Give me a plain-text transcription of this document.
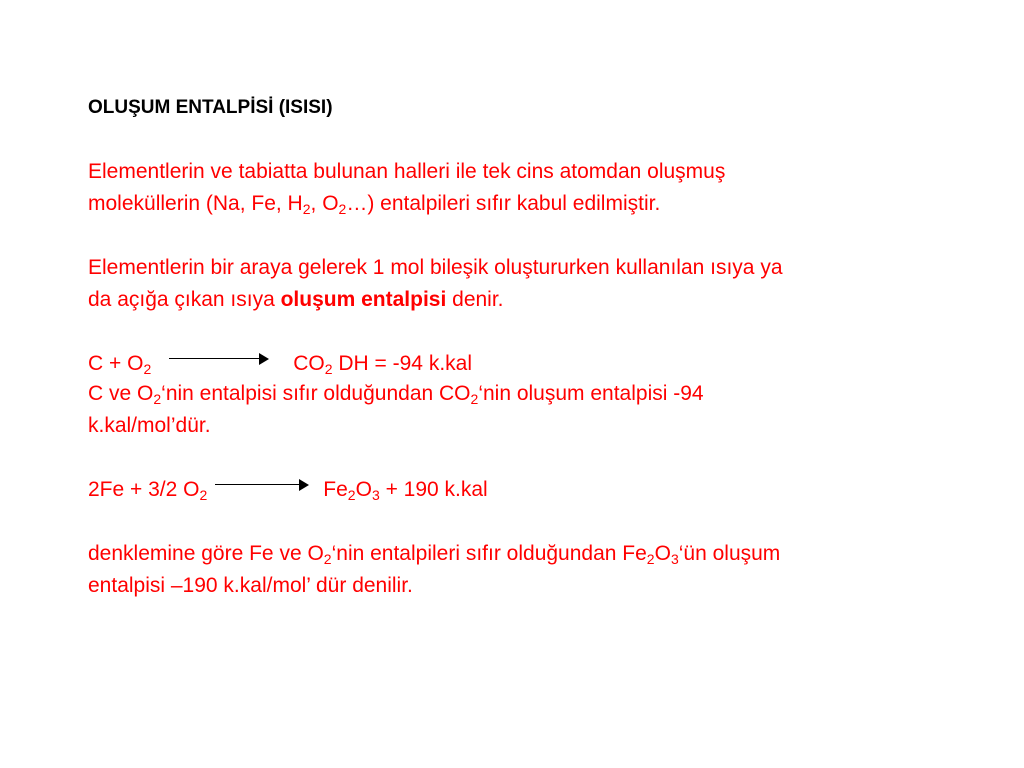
OLUŞUM ENTALPİSİ (ISISI)
Elementlerin ve tabiatta bulunan halleri ile tek cins atomdan oluşmuş
moleküllerin (Na, Fe, $H_2$, $O_2\dots$) entalpileri sıfır kabul edilmiştir.
Elementlerin bir araya gelerek 1 mol bileşik oluştururken kullanılan ısıya ya
da açığa çıkan ısıya oluşum entalpisi denir.
$C + O_2$	$CO_2$ DH = -94 k.kal
C ve $O_2‘nin$ entalpisi sıfır olduğundan $CO_2‘nin$ oluşum entalpisi -94
k.kal/mol’dür.
2Fe + 3/2 $O_2$	$Fe_2O_3 + 190$ k.kal
denklemine göre Fe ve $O_2‘nin$ entalpileri sıfır olduğundan $Fe_2O_3‘ün$ oluşum
entalpisi –190 k.kal/mol’ dür denilir.
